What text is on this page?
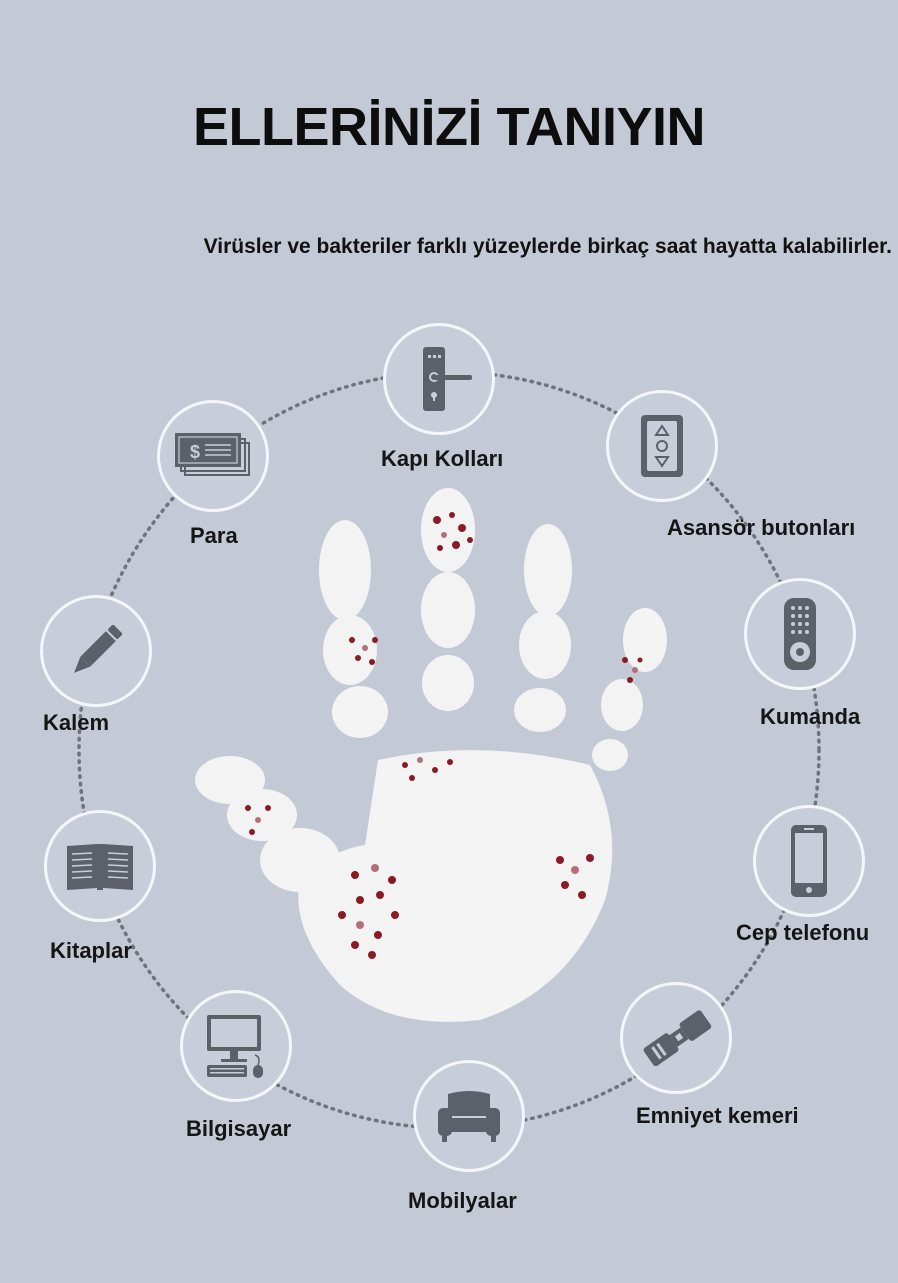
ELLERİNİZİ TANIYIN
Virüsler ve bakteriler farklı yüzeylerde birkaç saat hayatta kalabilirler.
Kapı Kolları
Asansör butonları
Kumanda
Cep telefonu
Emniyet kemeri
Mobilyalar
Bilgisayar
Kitaplar
Kalem
$
Para
